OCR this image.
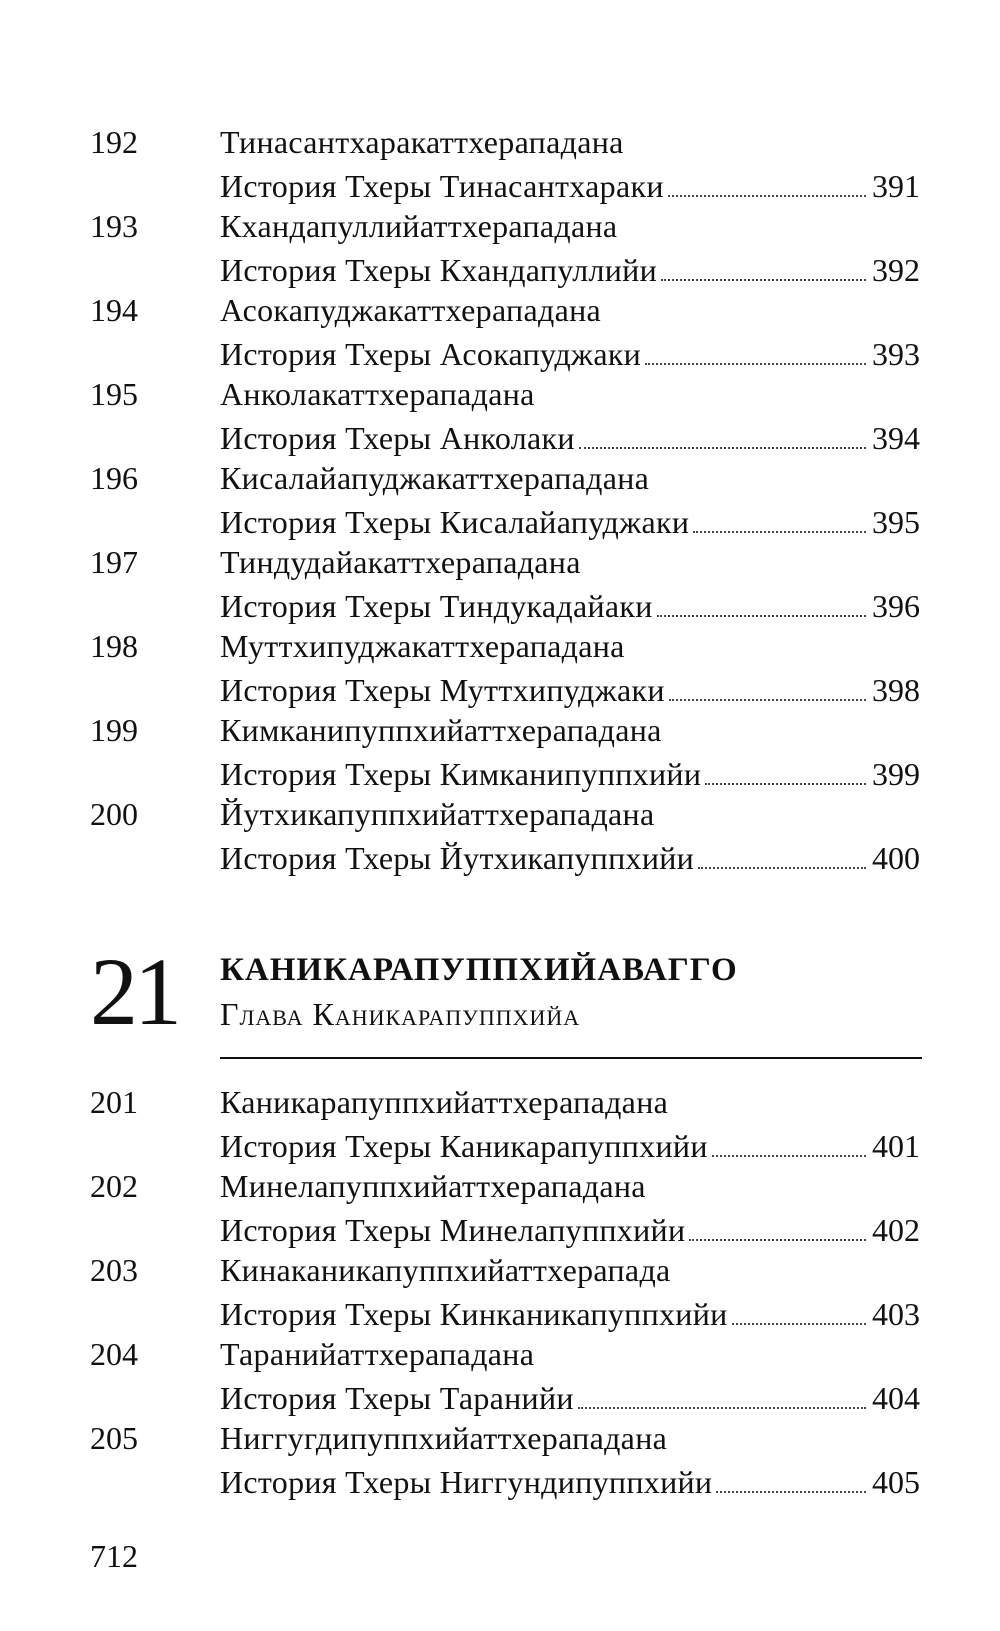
192	Тинасантхаракаттхерападана
История Тхеры Тинасантхараки	391
193	Кхандапуллийаттхерападана
История Тхеры Кхандапуллийи	392
194	Асокапуджакаттхерападана
История Тхеры Асокапуджаки	393
195	Анколакаттхерападана
История Тхеры Анколаки	394
196	Кисалайапуджакаттхерападана
История Тхеры Кисалайапуджаки	395
197	Тиндудайакаттхерападана
История Тхеры Тиндукадайаки	396
198	Муттхипуджакаттхерападана
История Тхеры Муттхипуджаки	398
199	Кимканипуппхийаттхерападана
История Тхеры Кимканипуппхийи	399
200	Йутхикапуппхийаттхерападана
История Тхеры Йутхикапуппхийи	400
21 КАНИКАРАПУППХИЙАВАГГО
Глава Каникарапуппхийа
201	Каникарапуппхийаттхерападана
История Тхеры Каникарапуппхийи	401
202	Минелапуппхийаттхерападана
История Тхеры Минелапуппхийи	402
203	Кинаканикапуппхийаттхерапада
История Тхеры Кинканикапуппхийи	403
204	Таранийаттхерападана
История Тхеры Таранийи	404
205	Ниггугдипуппхийаттхерападана
История Тхеры Ниггундипуппхийи	405
712
